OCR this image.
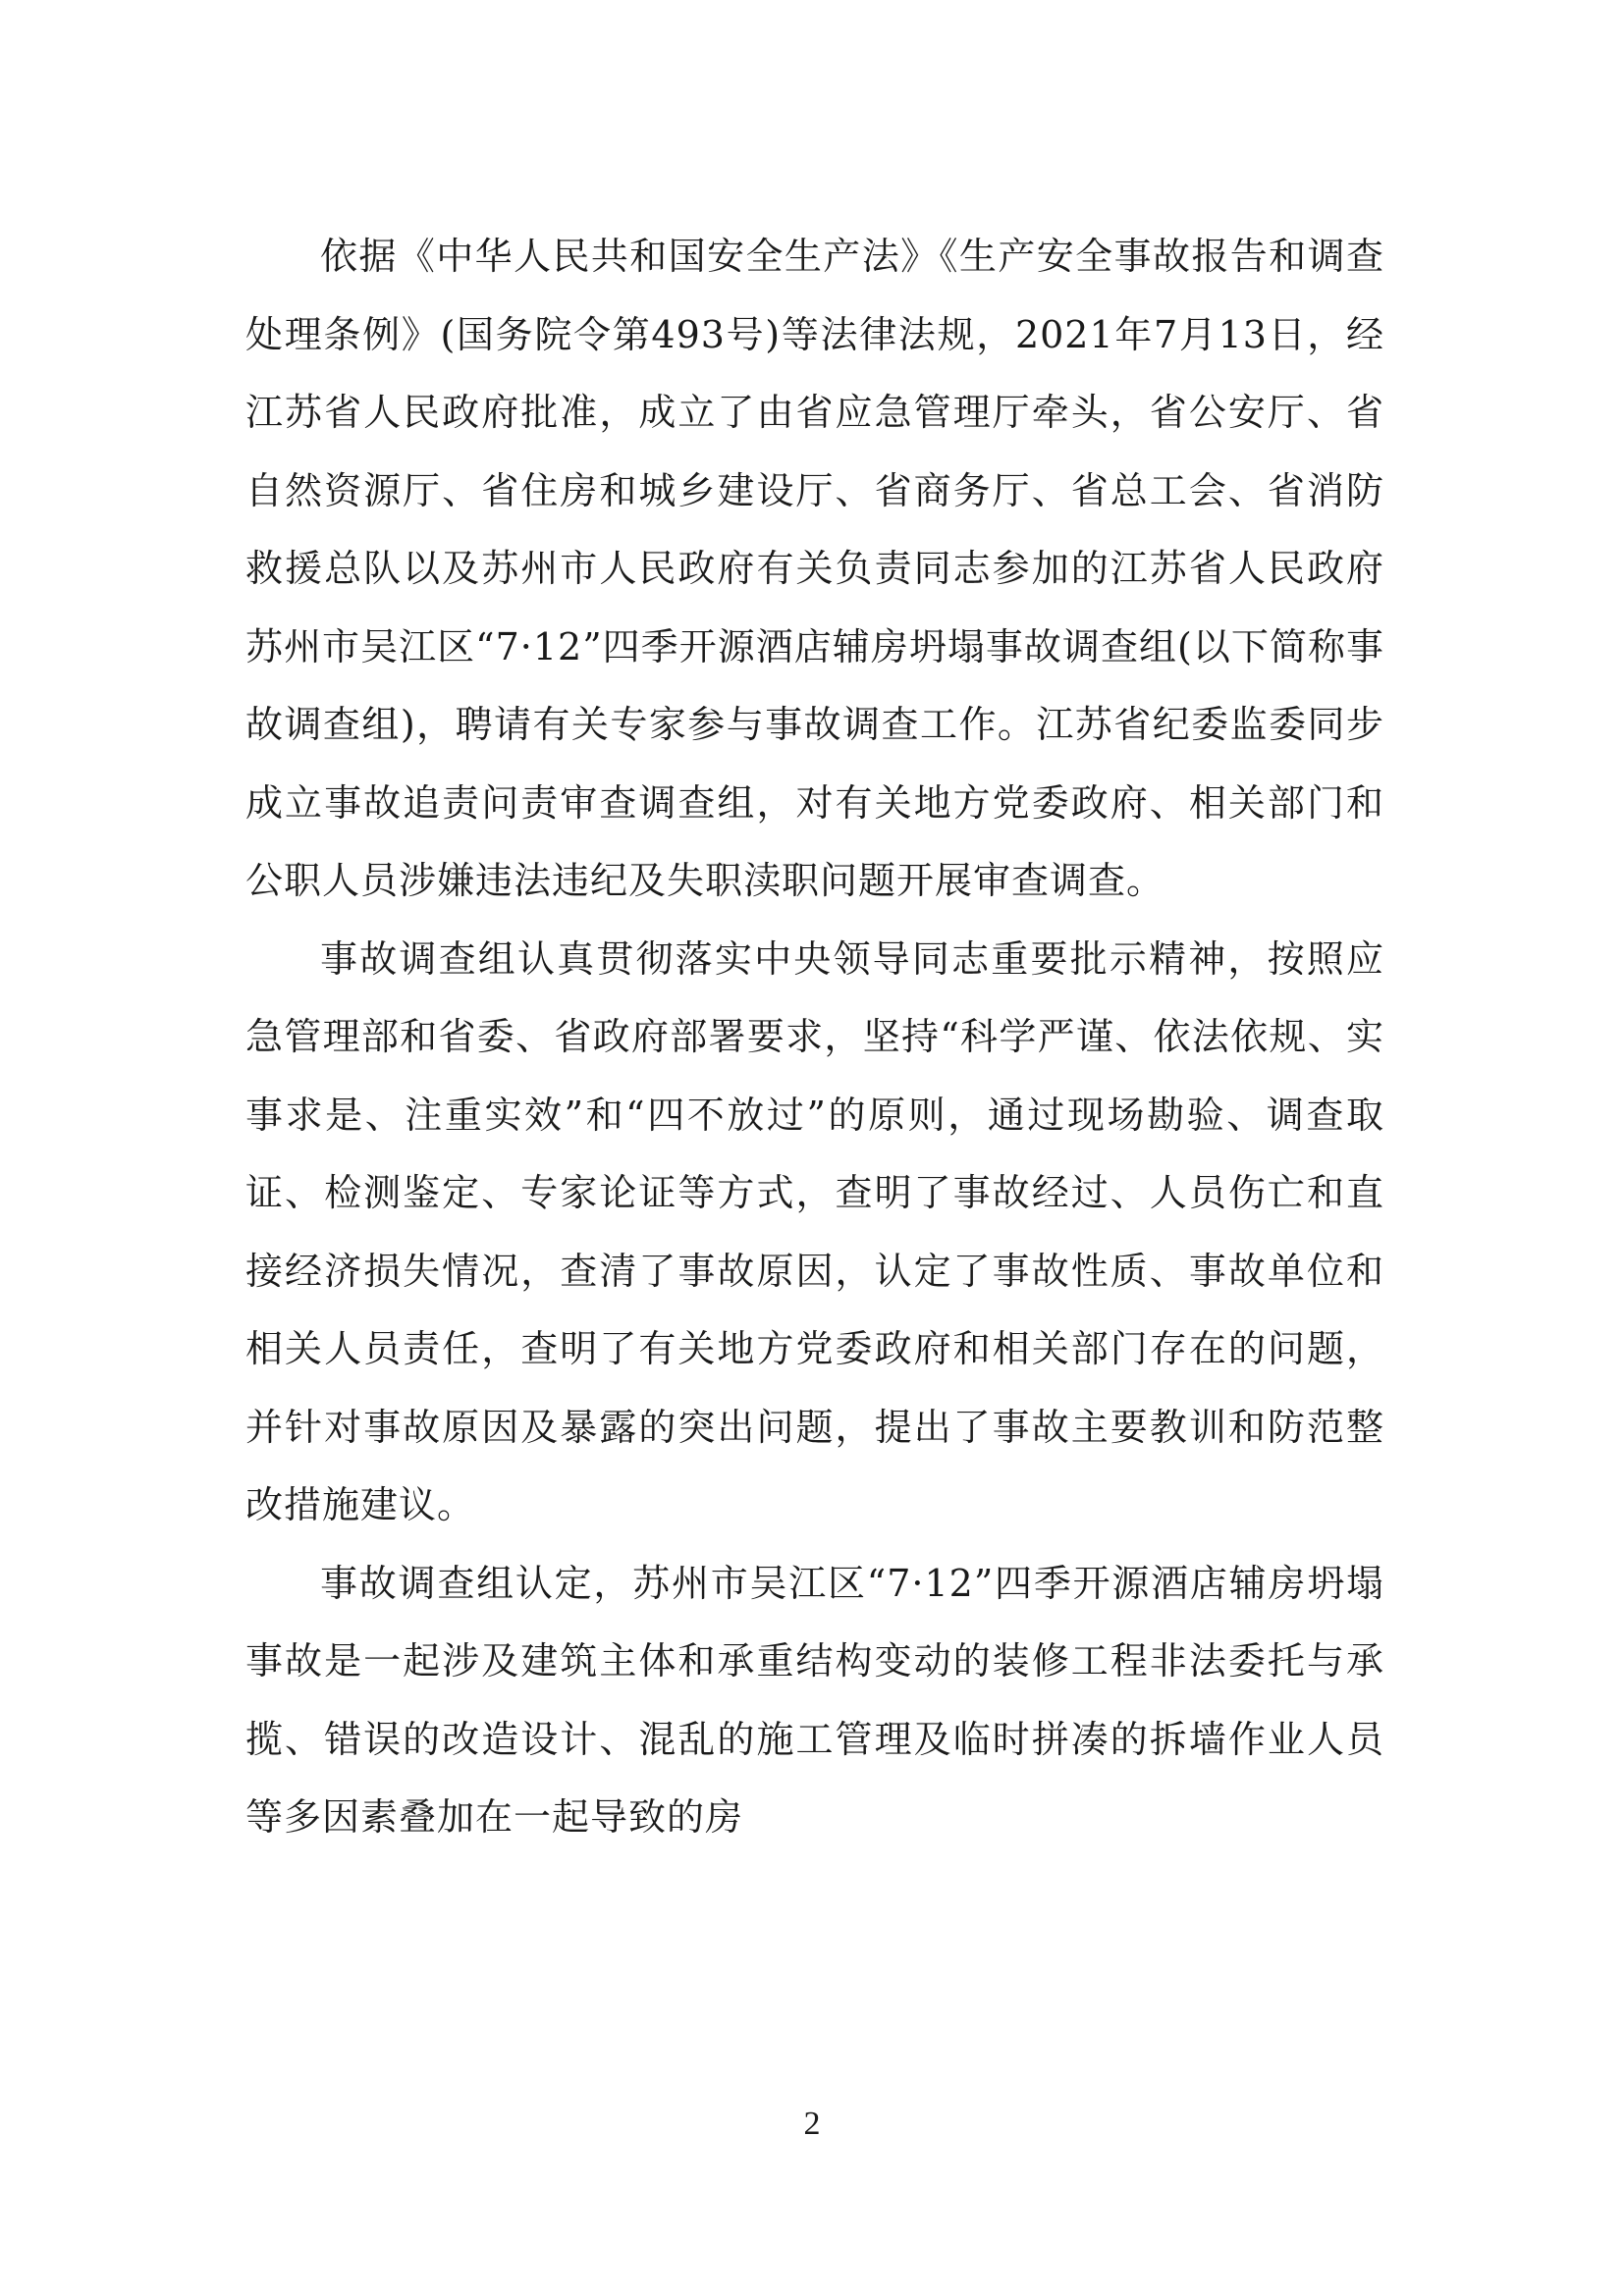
依据《中华人民共和国安全生产法》《生产安全事故报告和调查处理条例》(国务院令第493号)等法律法规，2021年7月13日，经江苏省人民政府批准，成立了由省应急管理厅牵头，省公安厅、省自然资源厅、省住房和城乡建设厅、省商务厅、省总工会、省消防救援总队以及苏州市人民政府有关负责同志参加的江苏省人民政府苏州市吴江区“7·12”四季开源酒店辅房坍塌事故调查组(以下简称事故调查组)，聘请有关专家参与事故调查工作。江苏省纪委监委同步成立事故追责问责审查调查组，对有关地方党委政府、相关部门和公职人员涉嫌违法违纪及失职渎职问题开展审查调查。

事故调查组认真贯彻落实中央领导同志重要批示精神，按照应急管理部和省委、省政府部署要求，坚持“科学严谨、依法依规、实事求是、注重实效”和“四不放过”的原则，通过现场勘验、调查取证、检测鉴定、专家论证等方式，查明了事故经过、人员伤亡和直接经济损失情况，查清了事故原因，认定了事故性质、事故单位和相关人员责任，查明了有关地方党委政府和相关部门存在的问题，并针对事故原因及暴露的突出问题，提出了事故主要教训和防范整改措施建议。

事故调查组认定，苏州市吴江区“7·12”四季开源酒店辅房坍塌事故是一起涉及建筑主体和承重结构变动的装修工程非法委托与承揽、错误的改造设计、混乱的施工管理及临时拼凑的拆墙作业人员等多因素叠加在一起导致的房

2
